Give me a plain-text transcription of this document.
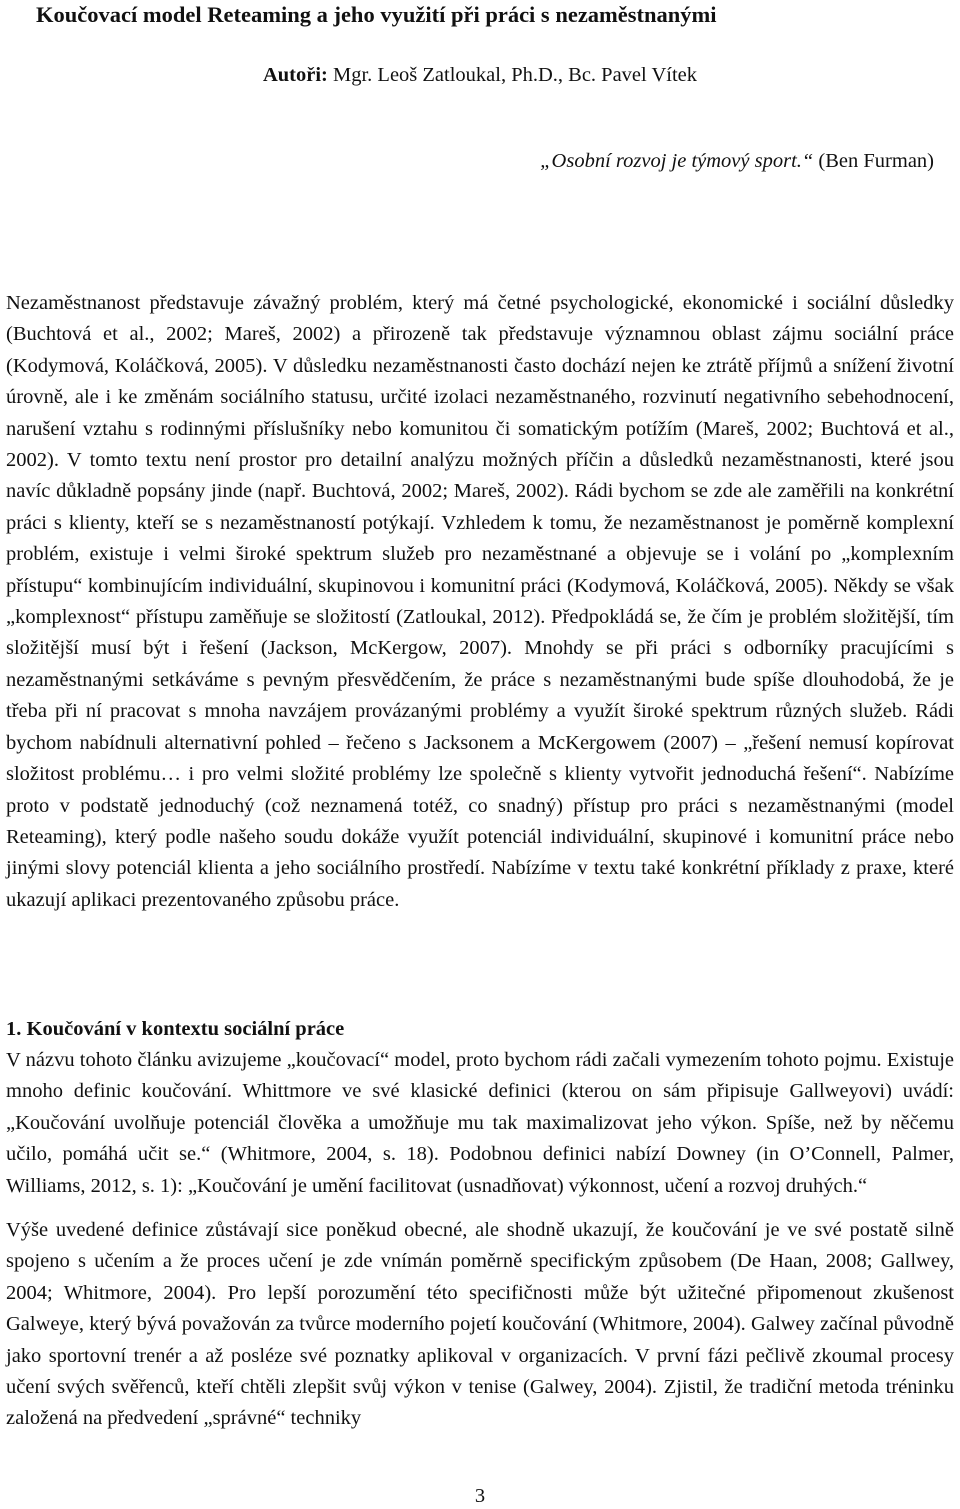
Koučovací model Reteaming a jeho využití při práci s nezaměstnanými
Autoři: Mgr. Leoš Zatloukal, Ph.D., Bc. Pavel Vítek
„Osobní rozvoj je týmový sport.“ (Ben Furman)

Nezaměstnanost představuje závažný problém, který má četné psychologické, ekonomické i sociální důsledky (Buchtová et al., 2002; Mareš, 2002) a přirozeně tak představuje významnou oblast zájmu sociální práce (Kodymová, Koláčková, 2005). V důsledku nezaměstnanosti často dochází nejen ke ztrátě příjmů a snížení životní úrovně, ale i ke změnám sociálního statusu, určité izolaci nezaměstnaného, rozvinutí negativního sebehodnocení, narušení vztahu s rodinnými příslušníky nebo komunitou či somatickým potížím (Mareš, 2002; Buchtová et al., 2002). V tomto textu není prostor pro detailní analýzu možných příčin a důsledků nezaměstnanosti, které jsou navíc důkladně popsány jinde (např. Buchtová, 2002; Mareš, 2002). Rádi bychom se zde ale zaměřili na konkrétní práci s klienty, kteří se s nezaměstnaností potýkají. Vzhledem k tomu, že nezaměstnanost je poměrně komplexní problém, existuje i velmi široké spektrum služeb pro nezaměstnané a objevuje se i volání po „komplexním přístupu“ kombinujícím individuální, skupinovou i komunitní práci (Kodymová, Koláčková, 2005). Někdy se však „komplexnost“ přístupu zaměňuje se složitostí (Zatloukal, 2012). Předpokládá se, že čím je problém složitější, tím složitější musí být i řešení (Jackson, McKergow, 2007). Mnohdy se při práci s odborníky pracujícími s nezaměstnanými setkáváme s pevným přesvědčením, že práce s nezaměstnanými bude spíše dlouhodobá, že je třeba při ní pracovat s mnoha navzájem provázanými problémy a využít široké spektrum různých služeb. Rádi bychom nabídnuli alternativní pohled – řečeno s Jacksonem a McKergowem (2007) – „řešení nemusí kopírovat složitost problému… i pro velmi složité problémy lze společně s klienty vytvořit jednoduchá řešení“. Nabízíme proto v podstatě jednoduchý (což neznamená totéž, co snadný) přístup pro práci s nezaměstnanými (model Reteaming), který podle našeho soudu dokáže využít potenciál individuální, skupinové i komunitní práce nebo jinými slovy potenciál klienta a jeho sociálního prostředí. Nabízíme v textu také konkrétní příklady z praxe, které ukazují aplikaci prezentovaného způsobu práce.

1. Koučování v kontextu sociální práce

V názvu tohoto článku avizujeme „koučovací“ model, proto bychom rádi začali vymezením tohoto pojmu. Existuje mnoho definic koučování. Whittmore ve své klasické definici (kterou on sám připisuje Gallweyovi) uvádí: „Koučování uvolňuje potenciál člověka a umožňuje mu tak maximalizovat jeho výkon. Spíše, než by něčemu učilo, pomáhá učit se.“ (Whitmore, 2004, s. 18). Podobnou definici nabízí Downey (in O’Connell, Palmer, Williams, 2012, s. 1): „Koučování je umění facilitovat (usnadňovat) výkonnost, učení a rozvoj druhých.“

Výše uvedené definice zůstávají sice poněkud obecné, ale shodně ukazují, že koučování je ve své postatě silně spojeno s učením a že proces učení je zde vnímán poměrně specifickým způsobem (De Haan, 2008; Gallwey, 2004; Whitmore, 2004). Pro lepší porozumění této specifičnosti může být užitečné připomenout zkušenost Galweye, který bývá považován za tvůrce moderního pojetí koučování (Whitmore, 2004). Galwey začínal původně jako sportovní trenér a až posléze své poznatky aplikoval v organizacích. V první fázi pečlivě zkoumal procesy učení svých svěřenců, kteří chtěli zlepšit svůj výkon v tenise (Galwey, 2004). Zjistil, že tradiční metoda tréninku založená na předvedení „správné“ techniky

3
